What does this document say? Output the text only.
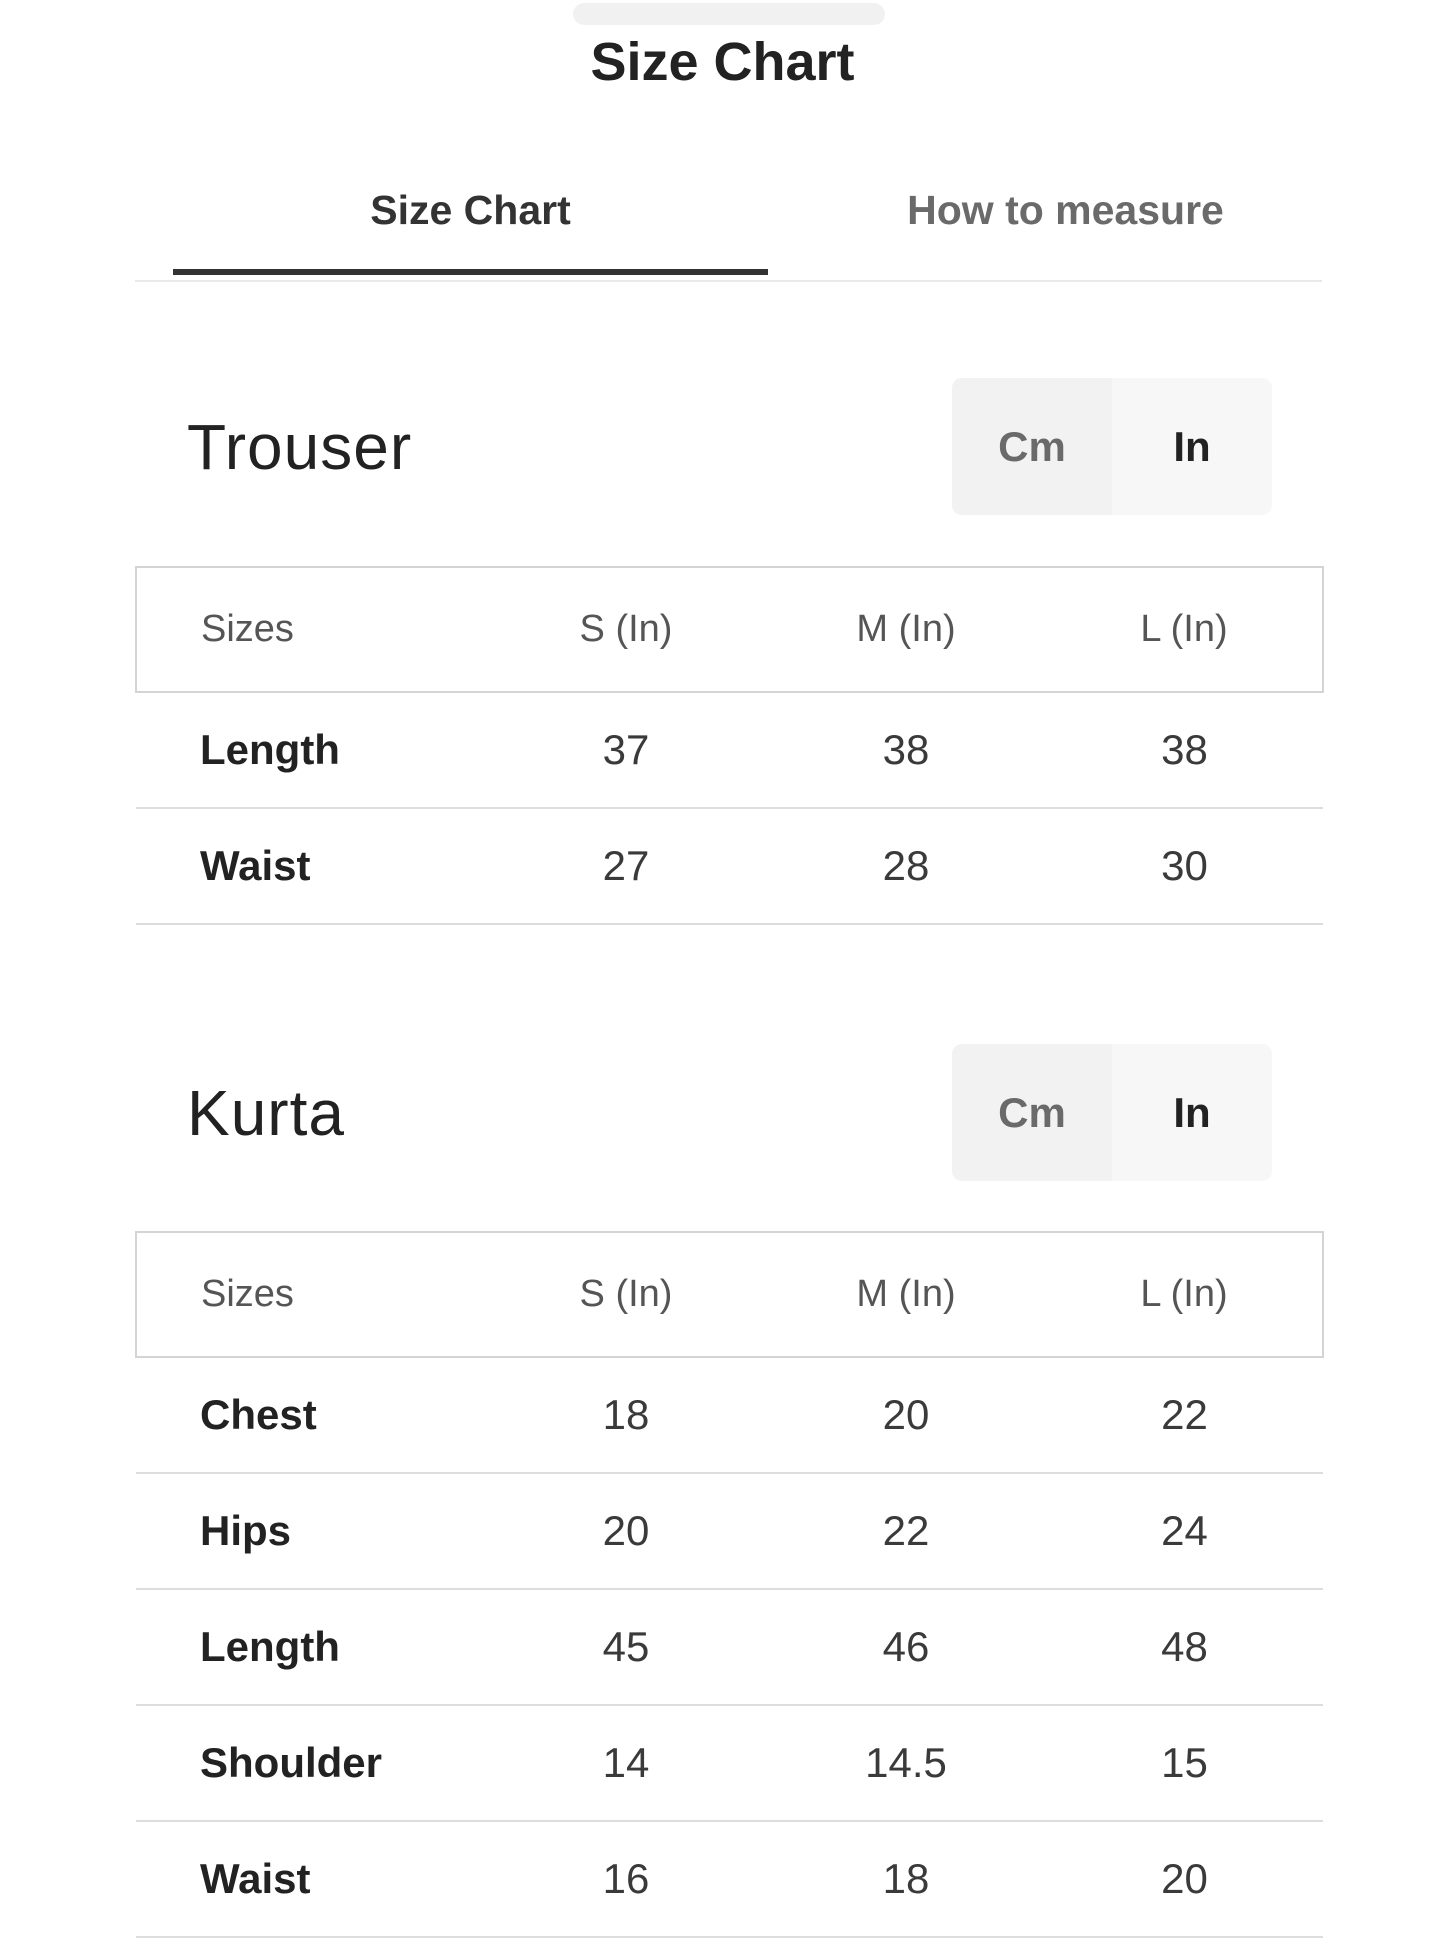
Size Chart
Size Chart	How to measure
Trouser	Cm	In
Sizes	S (In)	M (In)	L (In)
Length	37	38	38
Waist	27	28	30
Kurta	Cm	In
Sizes	S (In)	M (In)	L (In)
Chest	18	20	22
Hips	20	22	24
Length	45	46	48
Shoulder	14	14.5	15
Waist	16	18	20
